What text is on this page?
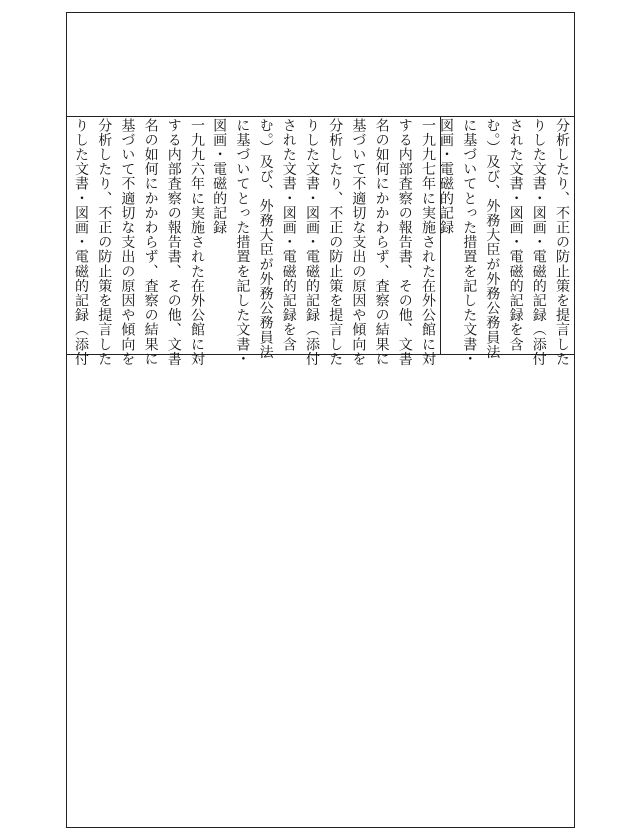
分析したり、不正の防止策を提言した
りした文書・図画・電磁的記録（添付
された文書・図画・電磁的記録を含
む。）及び、外務大臣が外務公務員法
に基づいてとった措置を記した文書・
図画・電磁的記録
一九九七年に実施された在外公館に対
する内部査察の報告書、その他、文書
名の如何にかかわらず、査察の結果に
基づいて不適切な支出の原因や傾向を
分析したり、不正の防止策を提言した
りした文書・図画・電磁的記録（添付
された文書・図画・電磁的記録を含
む。）及び、外務大臣が外務公務員法
に基づいてとった措置を記した文書・
図画・電磁的記録
一九九六年に実施された在外公館に対
する内部査察の報告書、その他、文書
名の如何にかかわらず、査察の結果に
基づいて不適切な支出の原因や傾向を
分析したり、不正の防止策を提言した
りした文書・図画・電磁的記録（添付
